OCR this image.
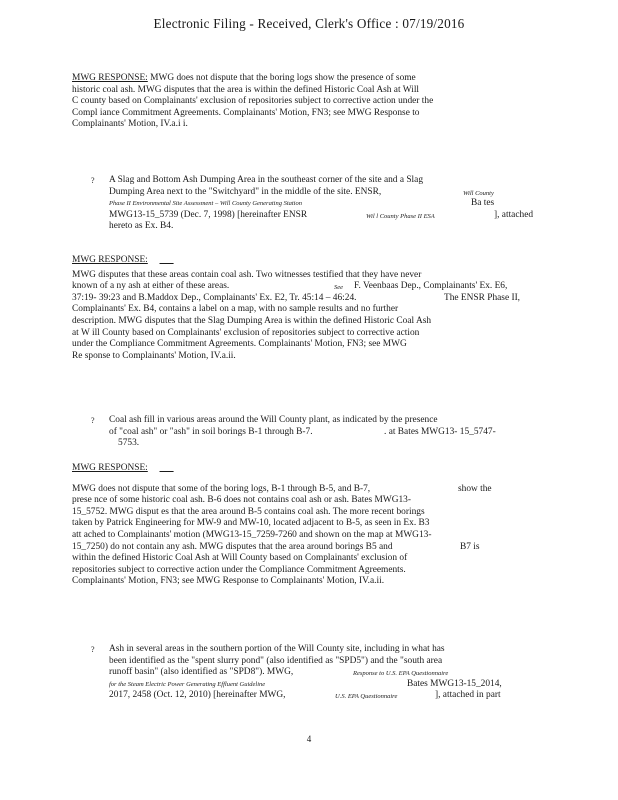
Electronic Filing - Received, Clerk's Office : 07/19/2016
MWG RESPONSE: MWG does not dispute that the boring logs show the presence of some
historic coal ash. MWG disputes that the area is within the defined Historic Coal Ash at Will
C county based on Complainants' exclusion of repositories subject to corrective action under the
Compl iance Commitment Agreements. Complainants' Motion, FN3; see MWG Response to
Complainants' Motion, IV.a.i i.
? A Slag and Bottom Ash Dumping Area in the southeast corner of the site and a Slag
Dumping Area next to the "Switchyard" in the middle of the site. ENSR,	Will County
Phase II Environmental Site Assessment – Will County Generating Station	Ba tes
MWG13-15_5739 (Dec. 7, 1998) [hereinafter ENSR	Wil l County Phase II ESA	], attached
hereto as Ex. B4.
MWG RESPONSE:
MWG disputes that these areas contain coal ash. Two witnesses testified that they have never
known of a ny ash at either of these areas.	See F. Veenbaas Dep., Complainants' Ex. E6,
37:19- 39:23 and B.Maddox Dep., Complainants' Ex. E2, Tr. 45:14 – 46:24.	The ENSR Phase II,
Complainants' Ex. B4, contains a label on a map, with no sample results and no further
description. MWG disputes that the Slag Dumping Area is within the defined Historic Coal Ash
at W ill County based on Complainants' exclusion of repositories subject to corrective action
under the Compliance Commitment Agreements. Complainants' Motion, FN3; see MWG
Re sponse to Complainants' Motion, IV.a.ii.
? Coal ash fill in various areas around the Will County plant, as indicated by the presence
of "coal ash" or "ash" in soil borings B-1 through B-7.	. at Bates MWG13- 15_5747-
5753.
MWG RESPONSE:
MWG does not dispute that some of the boring logs, B-1 through B-5, and B-7,	show the
prese nce of some historic coal ash. B-6 does not contains coal ash or ash. Bates MWG13-
15_5752. MWG disput es that the area around B-5 contains coal ash. The more recent borings
taken by Patrick Engineering for MW-9 and MW-10, located adjacent to B-5, as seen in Ex. B3
att ached to Complainants' motion (MWG13-15_7259-7260 and shown on the map at MWG13-
15_7250) do not contain any ash. MWG disputes that the area around borings B5 and	B7 is
within the defined Historic Coal Ash at Will County based on Complainants' exclusion of
repositories subject to corrective action under the Compliance Commitment Agreements.
Complainants' Motion, FN3; see MWG Response to Complainants' Motion, IV.a.ii.
? Ash in several areas in the southern portion of the Will County site, including in what has
been identified as the "spent slurry pond" (also identified as "SPD5") and the "south area
runoff basin" (also identified as "SPD8"). MWG,	Response to U.S. EPA Questionnaire
for the Steam Electric Power Generating Effluent Guideline	Bates MWG13-15_2014,
2017, 2458 (Oct. 12, 2010) [hereinafter MWG,	U.S. EPA Questionnaire	], attached in part
4
